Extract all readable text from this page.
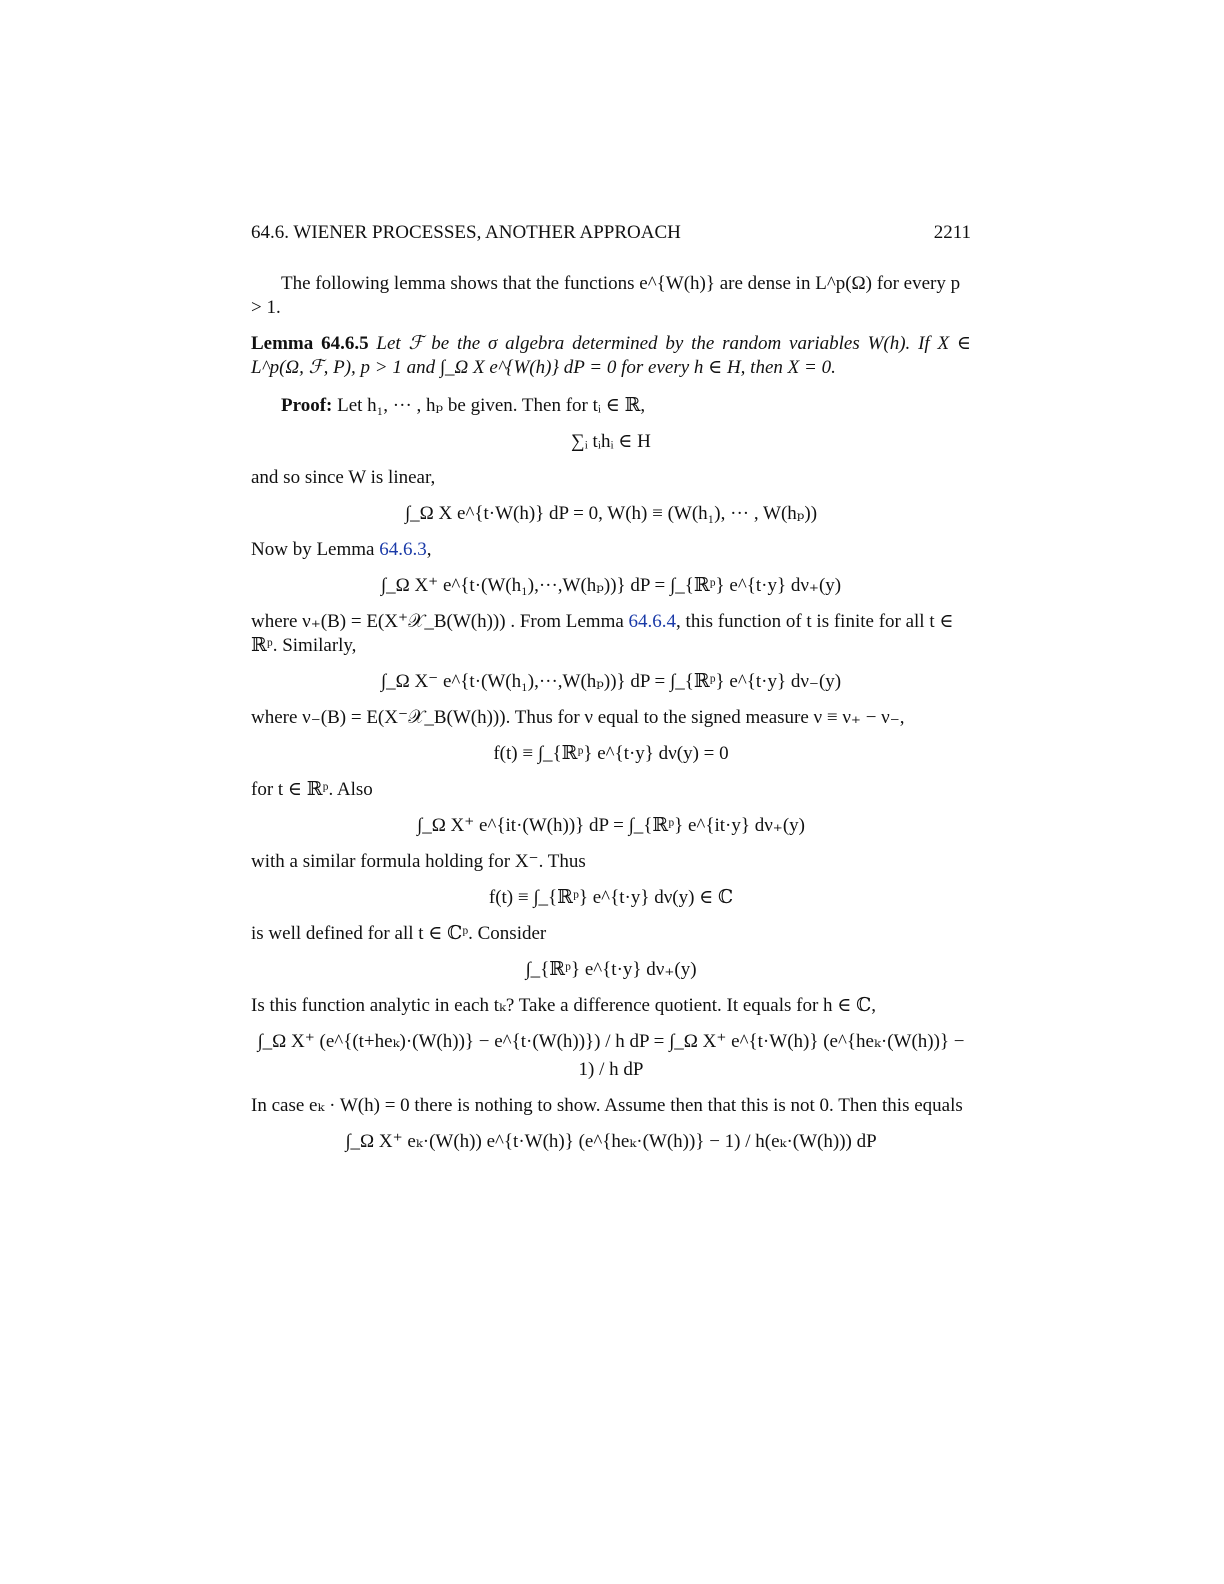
64.6. WIENER PROCESSES, ANOTHER APPROACH	2211

The following lemma shows that the functions e^{W(h)} are dense in L^p(Ω) for every p > 1.

Lemma 64.6.5 Let ℱ be the σ algebra determined by the random variables W(h). If X ∈ L^p(Ω, ℱ, P), p > 1 and ∫_Ω X e^{W(h)} dP = 0 for every h ∈ H, then X = 0.

Proof: Let h₁, ··· , hₚ be given. Then for tᵢ ∈ ℝ,

∑ᵢ tᵢhᵢ ∈ H

and so since W is linear,

∫_Ω X e^{t·W(h)} dP = 0, W(h) ≡ (W(h₁), ··· , W(hₚ))

Now by Lemma 64.6.3,

∫_Ω X⁺ e^{t·(W(h₁),···,W(hₚ))} dP = ∫_{ℝᵖ} e^{t·y} dν₊(y)

where ν₊(B) = E(X⁺𝒳_B(W(h))) . From Lemma 64.6.4, this function of t is finite for all t ∈ ℝᵖ. Similarly,

∫_Ω X⁻ e^{t·(W(h₁),···,W(hₚ))} dP = ∫_{ℝᵖ} e^{t·y} dν₋(y)

where ν₋(B) = E(X⁻𝒳_B(W(h))). Thus for ν equal to the signed measure ν ≡ ν₊ − ν₋,

f(t) ≡ ∫_{ℝᵖ} e^{t·y} dν(y) = 0

for t ∈ ℝᵖ. Also

∫_Ω X⁺ e^{it·(W(h))} dP = ∫_{ℝᵖ} e^{it·y} dν₊(y)

with a similar formula holding for X⁻. Thus

f(t) ≡ ∫_{ℝᵖ} e^{t·y} dν(y) ∈ ℂ

is well defined for all t ∈ ℂᵖ. Consider

∫_{ℝᵖ} e^{t·y} dν₊(y)

Is this function analytic in each tₖ? Take a difference quotient. It equals for h ∈ ℂ,

∫_Ω X⁺ (e^{(t+heₖ)·(W(h))} − e^{t·(W(h))}) / h dP = ∫_Ω X⁺ e^{t·W(h)} (e^{heₖ·(W(h))} − 1) / h dP

In case eₖ · W(h) = 0 there is nothing to show. Assume then that this is not 0. Then this equals

∫_Ω X⁺ eₖ·(W(h)) e^{t·W(h)} (e^{heₖ·(W(h))} − 1) / h(eₖ·(W(h))) dP
